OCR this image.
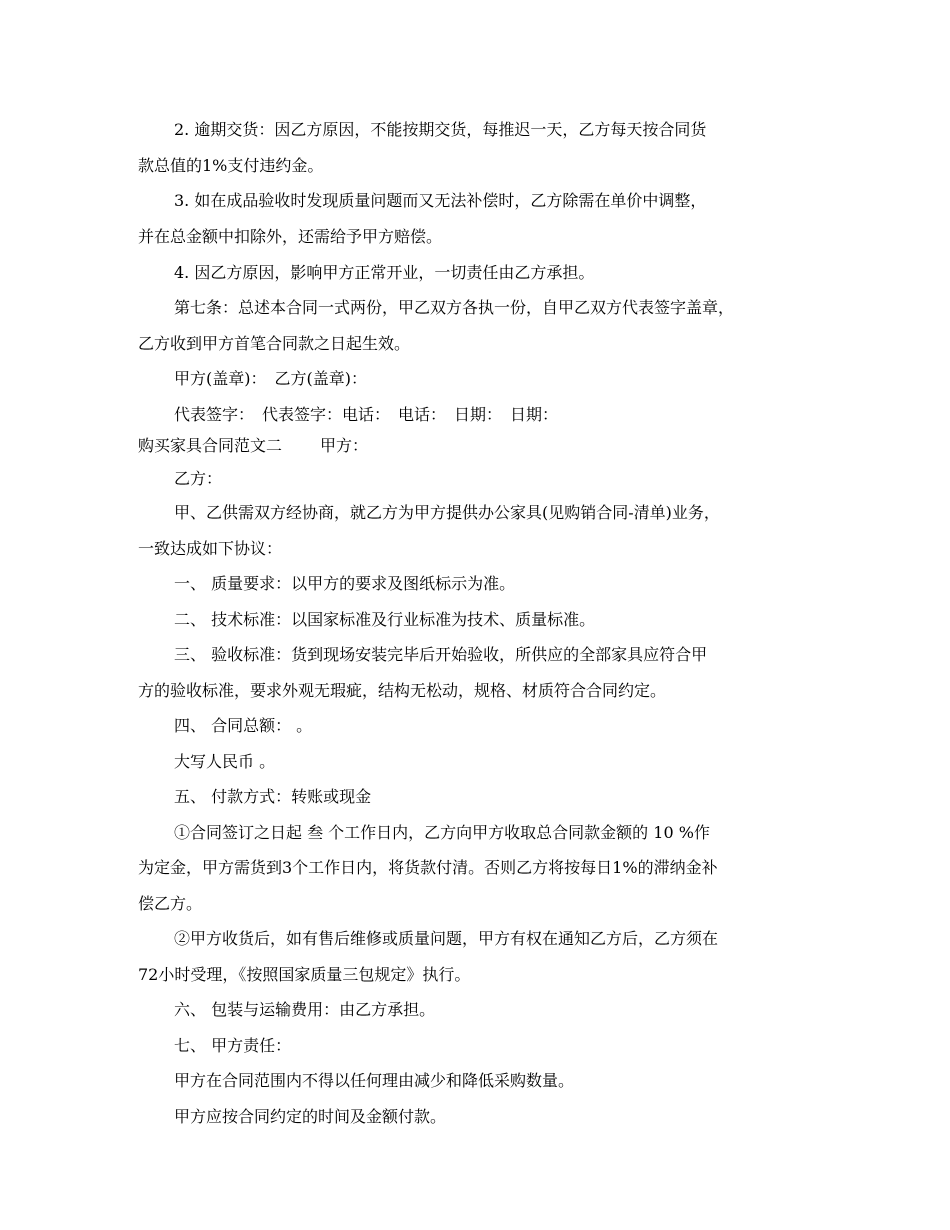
2. 逾期交货：因乙方原因，不能按期交货，每推迟一天，乙方每天按合同货
款总值的1%支付违约金。
3. 如在成品验收时发现质量问题而又无法补偿时，乙方除需在单价中调整，
并在总金额中扣除外，还需给予甲方赔偿。
4. 因乙方原因，影响甲方正常开业，一切责任由乙方承担。
第七条：总述本合同一式两份，甲乙双方各执一份，自甲乙双方代表签字盖章，
乙方收到甲方首笔合同款之日起生效。
甲方(盖章)：　乙方(盖章)：
代表签字：　代表签字：电话：　电话：　日期：　日期：
购买家具合同范文二 甲方：
乙方：
甲、乙供需双方经协商，就乙方为甲方提供办公家具(见购销合同-清单)业务，
一致达成如下协议：
一、 质量要求：以甲方的要求及图纸标示为准。
二、 技术标准：以国家标准及行业标准为技术、质量标准。
三、 验收标准：货到现场安装完毕后开始验收，所供应的全部家具应符合甲
方的验收标准，要求外观无瑕疵，结构无松动，规格、材质符合合同约定。
四、 合同总额： 。
大写人民币 。
五、 付款方式：转账或现金
①合同签订之日起 叁 个工作日内，乙方向甲方收取总合同款金额的 10 %作
为定金，甲方需货到3个工作日内，将货款付清。否则乙方将按每日1%的滞纳金补
偿乙方。
②甲方收货后，如有售后维修或质量问题，甲方有权在通知乙方后，乙方须在
72小时受理，《按照国家质量三包规定》执行。
六、 包装与运输费用：由乙方承担。
七、 甲方责任：
甲方在合同范围内不得以任何理由减少和降低采购数量。
甲方应按合同约定的时间及金额付款。
